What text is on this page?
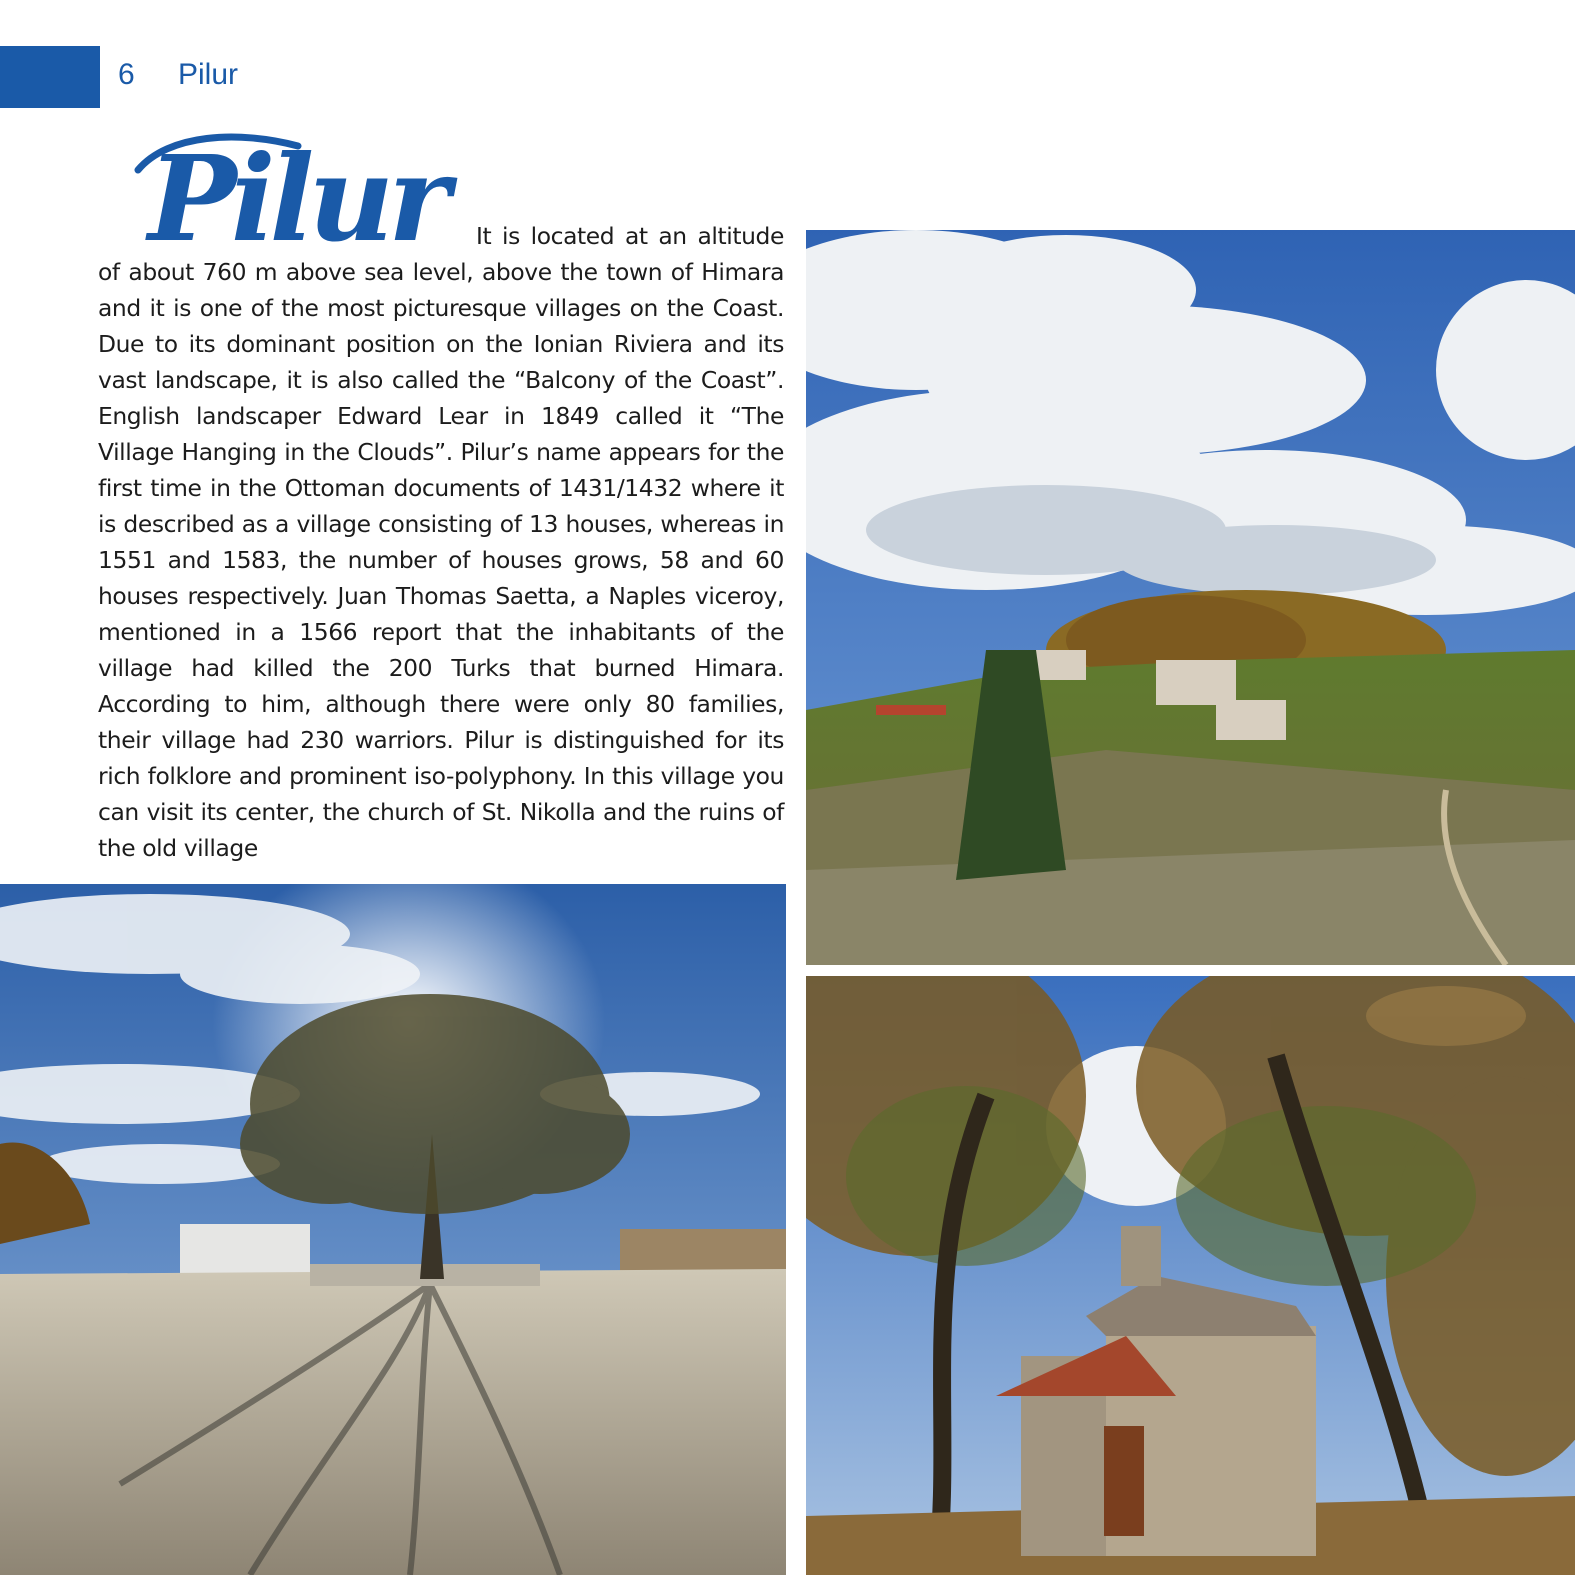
6 Pilur
Pilur	It is located at an altitude of about 760 m above sea level, above the town of Himara and it is one of the most picturesque villages on the Coast. Due to its dominant position on the Ionian Riviera and its vast landscape, it is also called the “Balcony of the Coast”. English landscaper Edward Lear in 1849 called it “The Village Hanging in the Clouds”. Pilur’s name appears for the first time in the Ottoman documents of 1431/1432 where it is described as a village consisting of 13 houses, whereas in 1551 and 1583, the number of houses grows, 58 and 60 houses respectively. Juan Thomas Saetta, a Naples viceroy, mentioned in a 1566 report that the inhabitants of the village had killed the 200 Turks that burned Himara. According to him, although there were only 80 families, their village had 230 warriors. Pilur is distinguished for its rich folklore and prominent iso-polyphony. In this village you can visit its center, the church of St. Nikolla and the ruins of the old village
